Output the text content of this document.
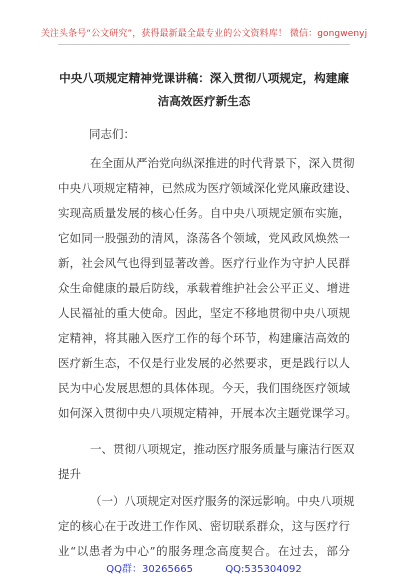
关注头条号“公文研究”，获得最新最全最专业的公文资料库！ 微信：gongwenyj
中央八项规定精神党课讲稿：深入贯彻八项规定，构建廉
洁高效医疗新生态
同志们：
在全面从严治党向纵深推进的时代背景下，深入贯彻
中央八项规定精神，已然成为医疗领域深化党风廉政建设、
实现高质量发展的核心任务。自中央八项规定颁布实施，
它如同一股强劲的清风，涤荡各个领域，党风政风焕然一
新，社会风气也得到显著改善。医疗行业作为守护人民群
众生命健康的最后防线，承载着维护社会公平正义、增进
人民福祉的重大使命。因此，坚定不移地贯彻中央八项规
定精神，将其融入医疗工作的每个环节，构建廉洁高效的
医疗新生态，不仅是行业发展的必然要求，更是践行以人
民为中心发展思想的具体体现。今天，我们围绕医疗领域
如何深入贯彻中央八项规定精神，开展本次主题党课学习。
一、贯彻八项规定，推动医疗服务质量与廉洁行医双
提升
（一）八项规定对医疗服务的深远影响。中央八项规
定的核心在于改进工作作风、密切联系群众，这与医疗行
业“以患者为中心”的服务理念高度契合。在过去，部分
QQ群：30265665	QQ:535304092
